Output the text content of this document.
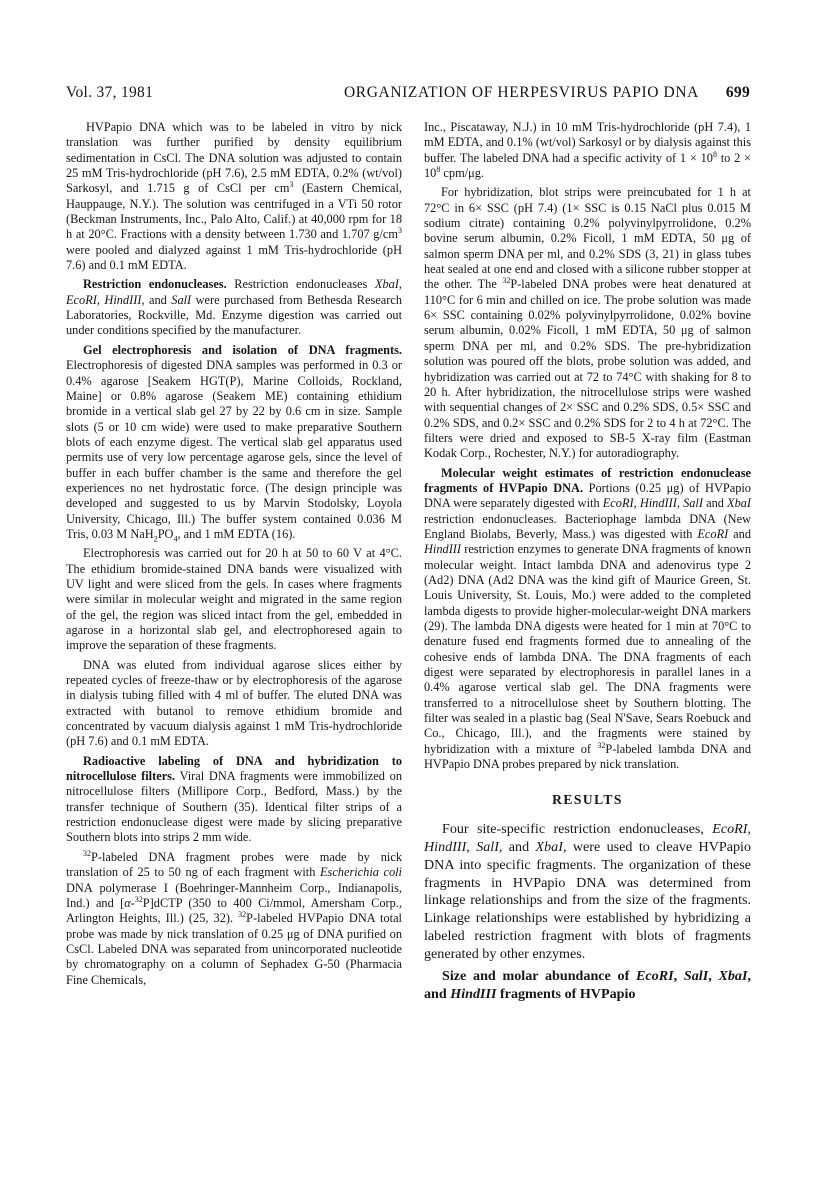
Vol. 37, 1981	ORGANIZATION OF HERPESVIRUS PAPIO DNA 699

HVPapio DNA which was to be labeled in vitro by nick translation was further purified by density equilibrium sedimentation in CsCl. The DNA solution was adjusted to contain 25 mM Tris-hydrochloride (pH 7.6), 2.5 mM EDTA, 0.2% (wt/vol) Sarkosyl, and 1.715 g of CsCl per $cm^3$ (Eastern Chemical, Hauppauge, N.Y.). The solution was centrifuged in a VTi 50 rotor (Beckman Instruments, Inc., Palo Alto, Calif.) at 40,000 rpm for 18 h at 20°C. Fractions with a density between 1.730 and 1.707 $g/cm^3$ were pooled and dialyzed against 1 mM Tris-hydrochloride (pH 7.6) and 0.1 mM EDTA.

Restriction endonucleases. Restriction endonucleases XbaI, EcoRI, HindIII, and SalI were purchased from Bethesda Research Laboratories, Rockville, Md. Enzyme digestion was carried out under conditions specified by the manufacturer.

Gel electrophoresis and isolation of DNA fragments. Electrophoresis of digested DNA samples was performed in 0.3 or 0.4% agarose [Seakem HGT(P), Marine Colloids, Rockland, Maine] or 0.8% agarose (Seakem ME) containing ethidium bromide in a vertical slab gel 27 by 22 by 0.6 cm in size. Sample slots (5 or 10 cm wide) were used to make preparative Southern blots of each enzyme digest. The vertical slab gel apparatus used permits use of very low percentage agarose gels, since the level of buffer in each buffer chamber is the same and therefore the gel experiences no net hydrostatic force. (The design principle was developed and suggested to us by Marvin Stodolsky, Loyola University, Chicago, Ill.) The buffer system contained 0.036 M Tris, 0.03 M $NaH_2PO_4$, and 1 mM EDTA (16).

Electrophoresis was carried out for 20 h at 50 to 60 V at 4°C. The ethidium bromide-stained DNA bands were visualized with UV light and were sliced from the gels. In cases where fragments were similar in molecular weight and migrated in the same region of the gel, the region was sliced intact from the gel, embedded in agarose in a horizontal slab gel, and electrophoresed again to improve the separation of these fragments.

DNA was eluted from individual agarose slices either by repeated cycles of freeze-thaw or by electrophoresis of the agarose in dialysis tubing filled with 4 ml of buffer. The eluted DNA was extracted with butanol to remove ethidium bromide and concentrated by vacuum dialysis against 1 mM Tris-hydrochloride (pH 7.6) and 0.1 mM EDTA.

Radioactive labeling of DNA and hybridization to nitrocellulose filters. Viral DNA fragments were immobilized on nitrocellulose filters (Millipore Corp., Bedford, Mass.) by the transfer technique of Southern (35). Identical filter strips of a restriction endonuclease digest were made by slicing preparative Southern blots into strips 2 mm wide.

$^{32}$P-labeled DNA fragment probes were made by nick translation of 25 to 50 ng of each fragment with Escherichia coli DNA polymerase I (Boehringer-Mannheim Corp., Indianapolis, Ind.) and [α-$^{32}$P]dCTP (350 to 400 Ci/mmol, Amersham Corp., Arlington Heights, Ill.) (25, 32). $^{32}$P-labeled HVPapio DNA total probe was made by nick translation of 0.25 μg of DNA purified on CsCl. Labeled DNA was separated from unincorporated nucleotide by chromatography on a column of Sephadex G-50 (Pharmacia Fine Chemicals,

Inc., Piscataway, N.J.) in 10 mM Tris-hydrochloride (pH 7.4), 1 mM EDTA, and 0.1% (wt/vol) Sarkosyl or by dialysis against this buffer. The labeled DNA had a specific activity of $1 \times 10^8$ to $2 \times 10^8$ cpm/μg.

For hybridization, blot strips were preincubated for 1 h at 72°C in 6× SSC (pH 7.4) (1× SSC is 0.15 NaCl plus 0.015 M sodium citrate) containing 0.2% polyvinylpyrrolidone, 0.2% bovine serum albumin, 0.2% Ficoll, 1 mM EDTA, 50 μg of salmon sperm DNA per ml, and 0.2% SDS (3, 21) in glass tubes heat sealed at one end and closed with a silicone rubber stopper at the other. The $^{32}$P-labeled DNA probes were heat denatured at 110°C for 6 min and chilled on ice. The probe solution was made 6× SSC containing 0.02% polyvinylpyrrolidone, 0.02% bovine serum albumin, 0.02% Ficoll, 1 mM EDTA, 50 μg of salmon sperm DNA per ml, and 0.2% SDS. The pre-hybridization solution was poured off the blots, probe solution was added, and hybridization was carried out at 72 to 74°C with shaking for 8 to 20 h. After hybridization, the nitrocellulose strips were washed with sequential changes of 2× SSC and 0.2% SDS, 0.5× SSC and 0.2% SDS, and 0.2× SSC and 0.2% SDS for 2 to 4 h at 72°C. The filters were dried and exposed to SB-5 X-ray film (Eastman Kodak Corp., Rochester, N.Y.) for autoradiography.

Molecular weight estimates of restriction endonuclease fragments of HVPapio DNA. Portions (0.25 μg) of HVPapio DNA were separately digested with EcoRI, HindIII, SalI and XbaI restriction endonucleases. Bacteriophage lambda DNA (New England Biolabs, Beverly, Mass.) was digested with EcoRI and HindIII restriction enzymes to generate DNA fragments of known molecular weight. Intact lambda DNA and adenovirus type 2 (Ad2) DNA (Ad2 DNA was the kind gift of Maurice Green, St. Louis University, St. Louis, Mo.) were added to the completed lambda digests to provide higher-molecular-weight DNA markers (29). The lambda DNA digests were heated for 1 min at 70°C to denature fused end fragments formed due to annealing of the cohesive ends of lambda DNA. The DNA fragments of each digest were separated by electrophoresis in parallel lanes in a 0.4% agarose vertical slab gel. The DNA fragments were transferred to a nitrocellulose sheet by Southern blotting. The filter was sealed in a plastic bag (Seal N'Save, Sears Roebuck and Co., Chicago, Ill.), and the fragments were stained by hybridization with a mixture of $^{32}$P-labeled lambda DNA and HVPapio DNA probes prepared by nick translation.

RESULTS

Four site-specific restriction endonucleases, EcoRI, HindIII, SalI, and XbaI, were used to cleave HVPapio DNA into specific fragments. The organization of these fragments in HVPapio DNA was determined from linkage relationships and from the size of the fragments. Linkage relationships were established by hybridizing a labeled restriction fragment with blots of fragments generated by other enzymes.

Size and molar abundance of EcoRI, SalI, XbaI, and HindIII fragments of HVPapio
